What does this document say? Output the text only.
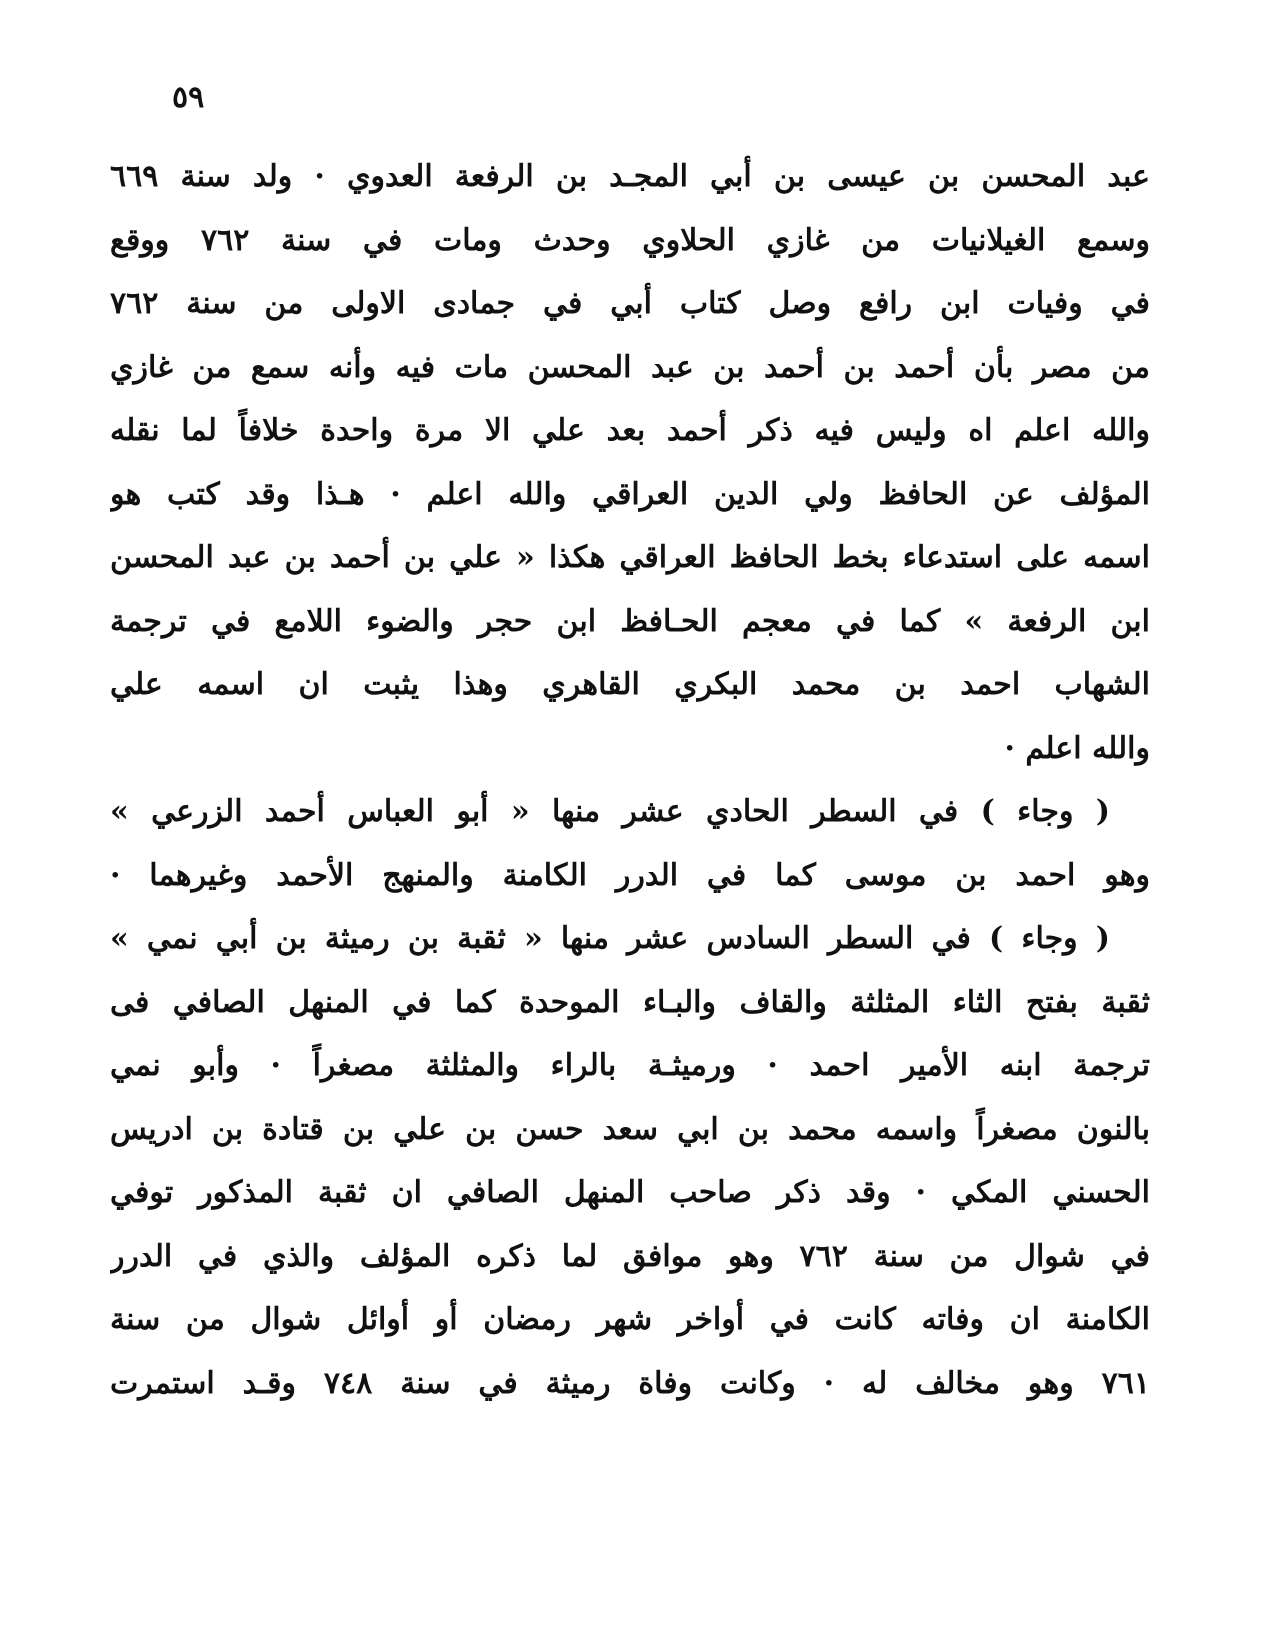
٥٩
عبد المحسن بن عيسى بن أبي المجـد بن الرفعة العدوي · ولد سنة ٦٦٩
وسمع الغيلانيات من غازي الحلاوي وحدث ومات في سنة ٧٦٢ ووقع
في وفيات ابن رافع وصل كتاب أبي في جمادى الاولى من سنة ٧٦٢
من مصر بأن أحمد بن أحمد بن عبد المحسن مات فيه وأنه سمع من غازي
والله اعلم اه وليس فيه ذكر أحمد بعد علي الا مرة واحدة خلافاً لما نقله
المؤلف عن الحافظ ولي الدين العراقي والله اعلم · هـذا وقد كتب هو
اسمه على استدعاء بخط الحافظ العراقي هكذا « علي بن أحمد بن عبد المحسن
ابن الرفعة » كما في معجم الحـافظ ابن حجر والضوء اللامع في ترجمة
الشهاب احمد بن محمد البكري القاهري وهذا يثبت ان اسمه علي
والله اعلم ·
( وجاء ) في السطر الحادي عشر منها « أبو العباس أحمد الزرعي »
وهو احمد بن موسى كما في الدرر الكامنة والمنهج الأحمد وغيرهما ·
( وجاء ) في السطر السادس عشر منها « ثقبة بن رميثة بن أبي نمي »
ثقبة بفتح الثاء المثلثة والقاف والبـاء الموحدة كما في المنهل الصافي فى
ترجمة ابنه الأمير احمد · ورميثـة بالراء والمثلثة مصغراً · وأبو نمي
بالنون مصغراً واسمه محمد بن ابي سعد حسن بن علي بن قتادة بن ادريس
الحسني المكي · وقد ذكر صاحب المنهل الصافي ان ثقبة المذكور توفي
في شوال من سنة ٧٦٢ وهو موافق لما ذكره المؤلف والذي في الدرر
الكامنة ان وفاته كانت في أواخر شهر رمضان أو أوائل شوال من سنة
٧٦١ وهو مخالف له · وكانت وفاة رميثة في سنة ٧٤٨ وقـد استمرت
